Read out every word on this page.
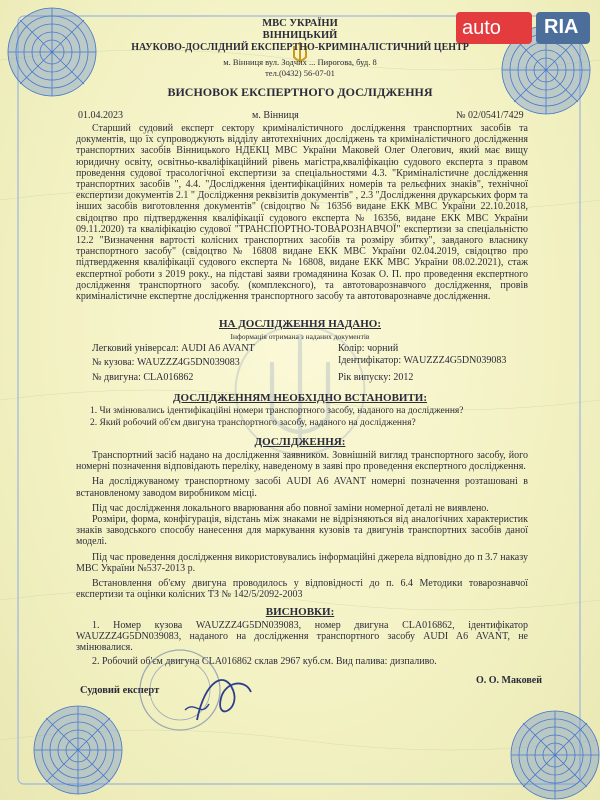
auto RIA
МВС УКРАЇНИ
ВІННИЦЬКИЙ
НАУКОВО-ДОСЛІДНИЙ ЕКСПЕРТНО-КРИМІНАЛІСТИЧНИЙ ЦЕНТР
м. Вінниця вул. Зодчих ... Пирогова, буд. 8
тел.(0432) 56-07-01
ВИСНОВОК ЕКСПЕРТНОГО ДОСЛІДЖЕННЯ
01.04.2023	м. Вінниця	№ 02/0541/7429

Старший судовий експерт сектору криміналістичного дослідження транспортних засобів та документів, що їх супроводжують відділу автотехнічних досліджень та криміналістичного дослідження транспортних засобів Вінницького НДЕКЦ МВС України Маковей Олег Олегович, який має вищу юридичну освіту, освітньо-кваліфікаційний рівень магістра,кваліфікацію судового експерта з правом проведення судової трасологічної експертизи за спеціальностями 4.3. "Криміналістичне дослідження транспортних засобів ", 4.4. "Дослідження ідентифікаційних номерів та рельєфних знаків", технічної експертизи документів 2.1 " Дослідження реквізитів документів" , 2.3 "Дослідження друкарських форм та інших засобів виготовлення документів" (свідоцтво № 16356 видане ЕКК МВС України 22.10.2018, свідоцтво про підтвердження кваліфікації судового експерта № 16356, видане ЕКК МВС України 09.11.2020) та кваліфікацію судової "ТРАНСПОРТНО-ТОВАРОЗНАВЧОЇ" експертизи за спеціальністю 12.2 "Визначення вартості колісних транспортних засобів та розміру збитку", завданого власнику транспортного засобу" (свідоцтво № 16808 видане ЕКК МВС України 02.04.2019, свідоцтво про підтвердження кваліфікації судового експерта № 16808, видане ЕКК МВС України 08.02.2021), стаж експертної роботи з 2019 року., на підставі заяви громадянина Козак О. П. про проведення експертного дослідження транспортного засобу. (комплексного), та автотоварознавчого дослідження, провів криміналістичне експертне дослідження транспортного засобу та автотоварознавче дослідження.

НА ДОСЛІДЖЕННЯ НАДАНО:
Інформація отримана з наданих документів
Легковий універсал: AUDI A6 AVANT
№ кузова: WAUZZZ4G5DN039083
№ двигуна: CLA016862
Колір: чорний
Ідентифікатор: WAUZZZ4G5DN039083
Рік випуску: 2012
ДОСЛІДЖЕННЯМ НЕОБХІДНО ВСТАНОВИТИ:
1. Чи змінювались ідентифікаційні номери транспортного засобу, наданого на дослідження?
2. Який робочий об'єм двигуна транспортного засобу, наданого на дослідження?
ДОСЛІДЖЕННЯ:

Транспортний засіб надано на дослідження заявником. Зовнішній вигляд транспортного засобу, його номерні позначення відповідають переліку, наведеному в заяві про проведення експертного дослідження.

На досліджуваному транспортному засобі AUDI A6 AVANT номерні позначення розташовані в встановленому заводом виробником місці.

Під час дослідження локального вварювання або повної заміни номерної деталі не виявлено.

Розміри, форма, конфігурація, відстань між знаками не відрізняються від аналогічних характеристик знаків заводського способу нанесення для маркування кузовів та двигунів транспортних засобів даної моделі.

Під час проведення дослідження використовувались інформаційні джерела відповідно до п 3.7 наказу МВС України №537-2013 р.

Встановлення об'єму двигуна проводилось у відповідності до п. 6.4 Методики товарознавчої експертизи та оцінки колісних ТЗ № 142/5/2092-2003

ВИСНОВКИ:

1. Номер кузова WAUZZZ4G5DN039083, номер двигуна CLA016862, ідентифікатор WAUZZZ4G5DN039083, наданого на дослідження транспортного засобу AUDI A6 AVANT, не змінювалися.

2. Робочий об'єм двигуна CLA016862 склав 2967 куб.см. Вид палива: дизпаливо.

Судовий експерт
О. О. Маковей
